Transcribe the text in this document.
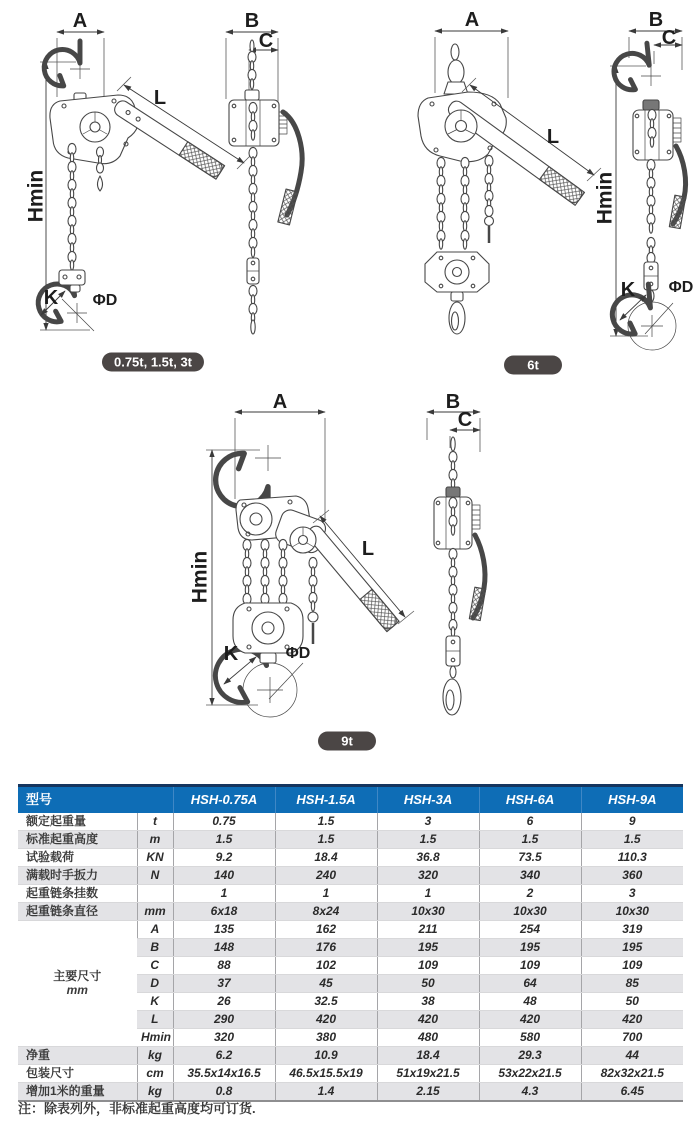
A
Hmin
L
K ΦD
B
C
A
L
B
C
Hmin
K ΦD
A	B
C
Hmin
L
K	ΦD
0.75t, 1.5t, 3t	6t
9t
型号		HSH-0.75A	HSH-1.5A	HSH-3A	HSH-6A	HSH-9A
额定起重量	t	0.75	1.5	3	6	9
标准起重高度	m	1.5	1.5	1.5	1.5	1.5
试验载荷	KN	9.2	18.4	36.8	73.5	110.3
满载时手扳力	N	140	240	320	340	360
起重链条挂数		1	1	1	2	3
起重链条直径	mm	6x18	8x24	10x30	10x30	10x30

主要尺寸
mm	A	135	162	211	254	319
	B	148	176	195	195	195
	C	88	102	109	109	109
	D	37	45	50	64	85
	K	26	32.5	38	48	50
	L	290	420	420	420	420
	Hmin	320	380	480	580	700
净重	kg	6.2	10.9	18.4	29.3	44
包装尺寸	cm	35.5x14x16.5	46.5x15.5x19	51x19x21.5	53x22x21.5	82x32x21.5
增加1米的重量	kg	0.8	1.4	2.15	4.3	6.45
注：除表列外，非标准起重高度均可订货.
